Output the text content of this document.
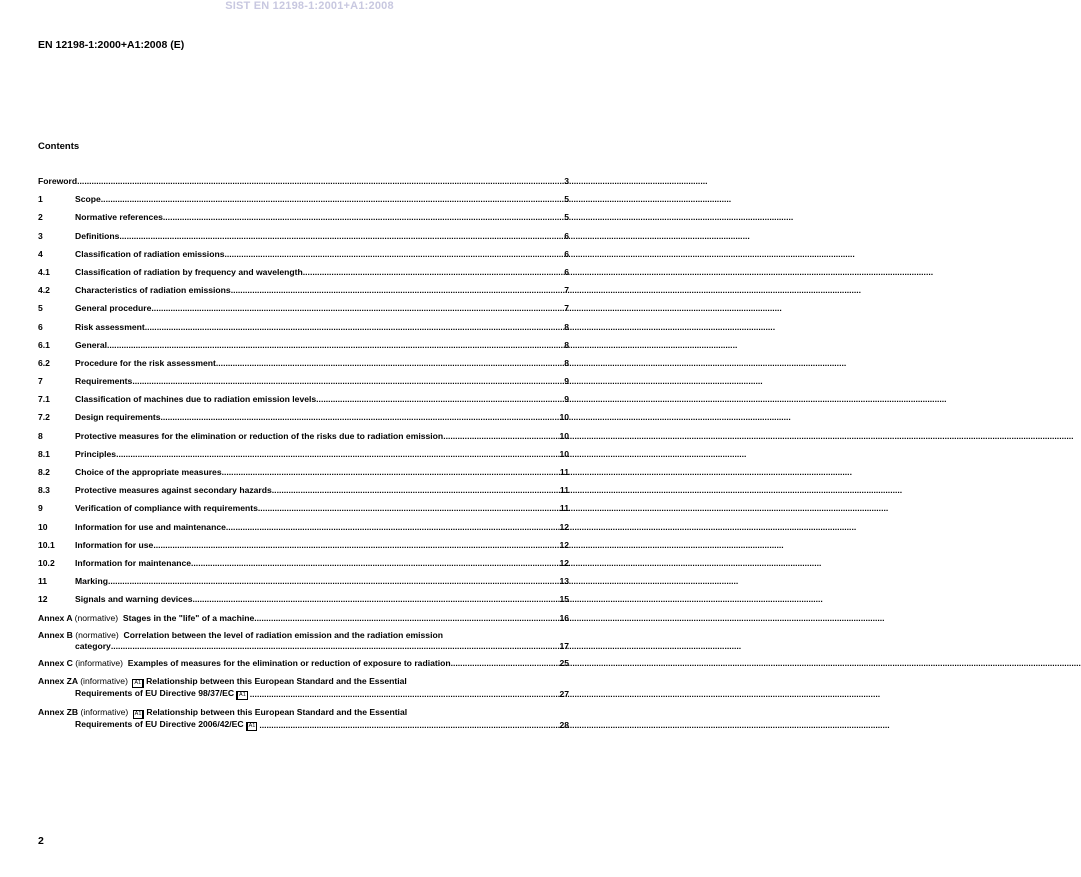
SIST EN 12198-1:2001+A1:2008
EN 12198-1:2000+A1:2008 (E)
Contents
Foreword .....	3
1	Scope .....	5
2	Normative references .....	5
3	Definitions .....	6
4	Classification of radiation emissions .....	6
4.1	Classification of radiation by frequency and wavelength .....	6
4.2	Characteristics of radiation emissions .....	7
5	General procedure .....	7
6	Risk assessment .....	8
6.1	General .....	8
6.2	Procedure for the risk assessment .....	8
7	Requirements .....	9
7.1	Classification of machines due to radiation emission levels .....	9
7.2	Design requirements .....	10
8	Protective measures for the elimination or reduction of the risks due to radiation emission .....	10
8.1	Principles .....	10
8.2	Choice of the appropriate measures .....	11
8.3	Protective measures against secondary hazards .....	11
9	Verification of compliance with requirements .....	11
10	Information for use and maintenance .....	12
10.1	Information for use .....	12
10.2	Information for maintenance .....	12
11	Marking .....	13
12	Signals and warning devices .....	15
Annex A (normative) Stages in the "life" of a machine .....	16
Annex B (normative) Correlation between the level of radiation emission and the radiation emission
category .....	17
Annex C (informative) Examples of measures for the elimination or reduction of exposure to radiation .....	25
Annex ZA (informative) A1 Relationship between this European Standard and the Essential
Requirements of EU Directive 98/37/EC A1 .....	27
Annex ZB (informative) A1 Relationship between this European Standard and the Essential
Requirements of EU Directive 2006/42/EC A1 .....	28
2
